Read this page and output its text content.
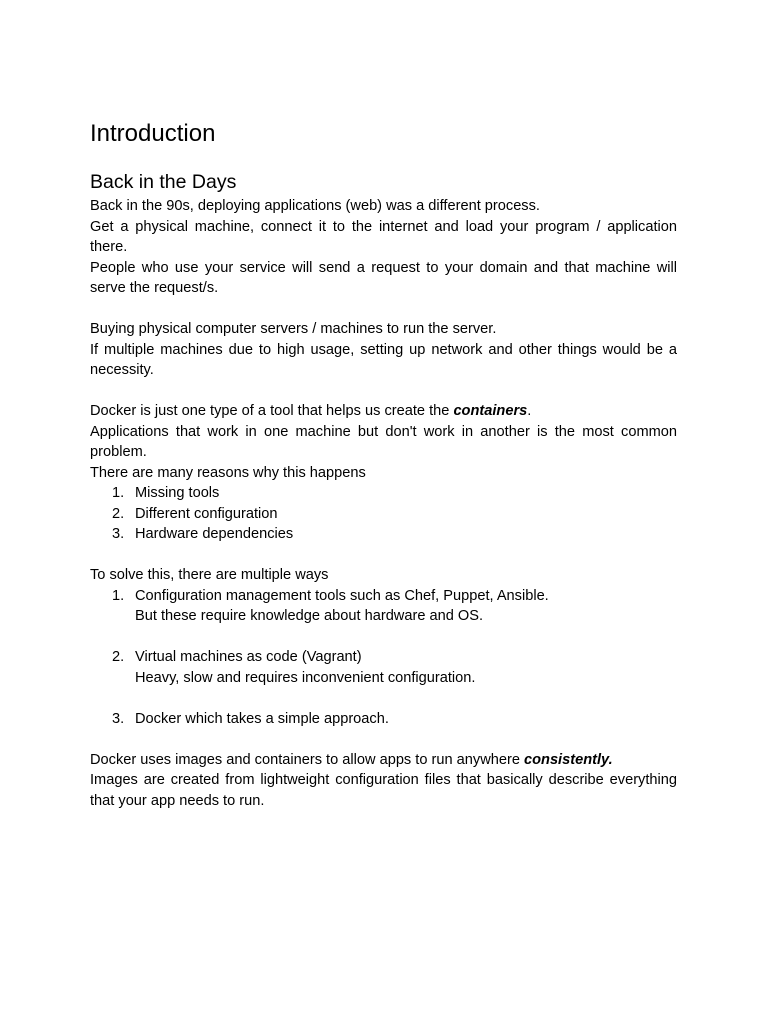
Introduction
Back in the Days

Back in the 90s, deploying applications (web) was a different process.

Get a physical machine, connect it to the internet and load your program / application there.

People who use your service will send a request to your domain and that machine will serve the request/s.

Buying physical computer servers / machines to run the server.

If multiple machines due to high usage, setting up network and other things would be a necessity.

Docker is just one type of a tool that helps us create the containers.

Applications that work in one machine but don't work in another is the most common problem.

There are many reasons why this happens

1. Missing tools
2. Different configuration
3. Hardware dependencies

To solve this, there are multiple ways

1. Configuration management tools such as Chef, Puppet, Ansible.
But these require knowledge about hardware and OS.
2. Virtual machines as code (Vagrant)
Heavy, slow and requires inconvenient configuration.
3. Docker which takes a simple approach.

Docker uses images and containers to allow apps to run anywhere consistently.

Images are created from lightweight configuration files that basically describe everything that your app needs to run.
